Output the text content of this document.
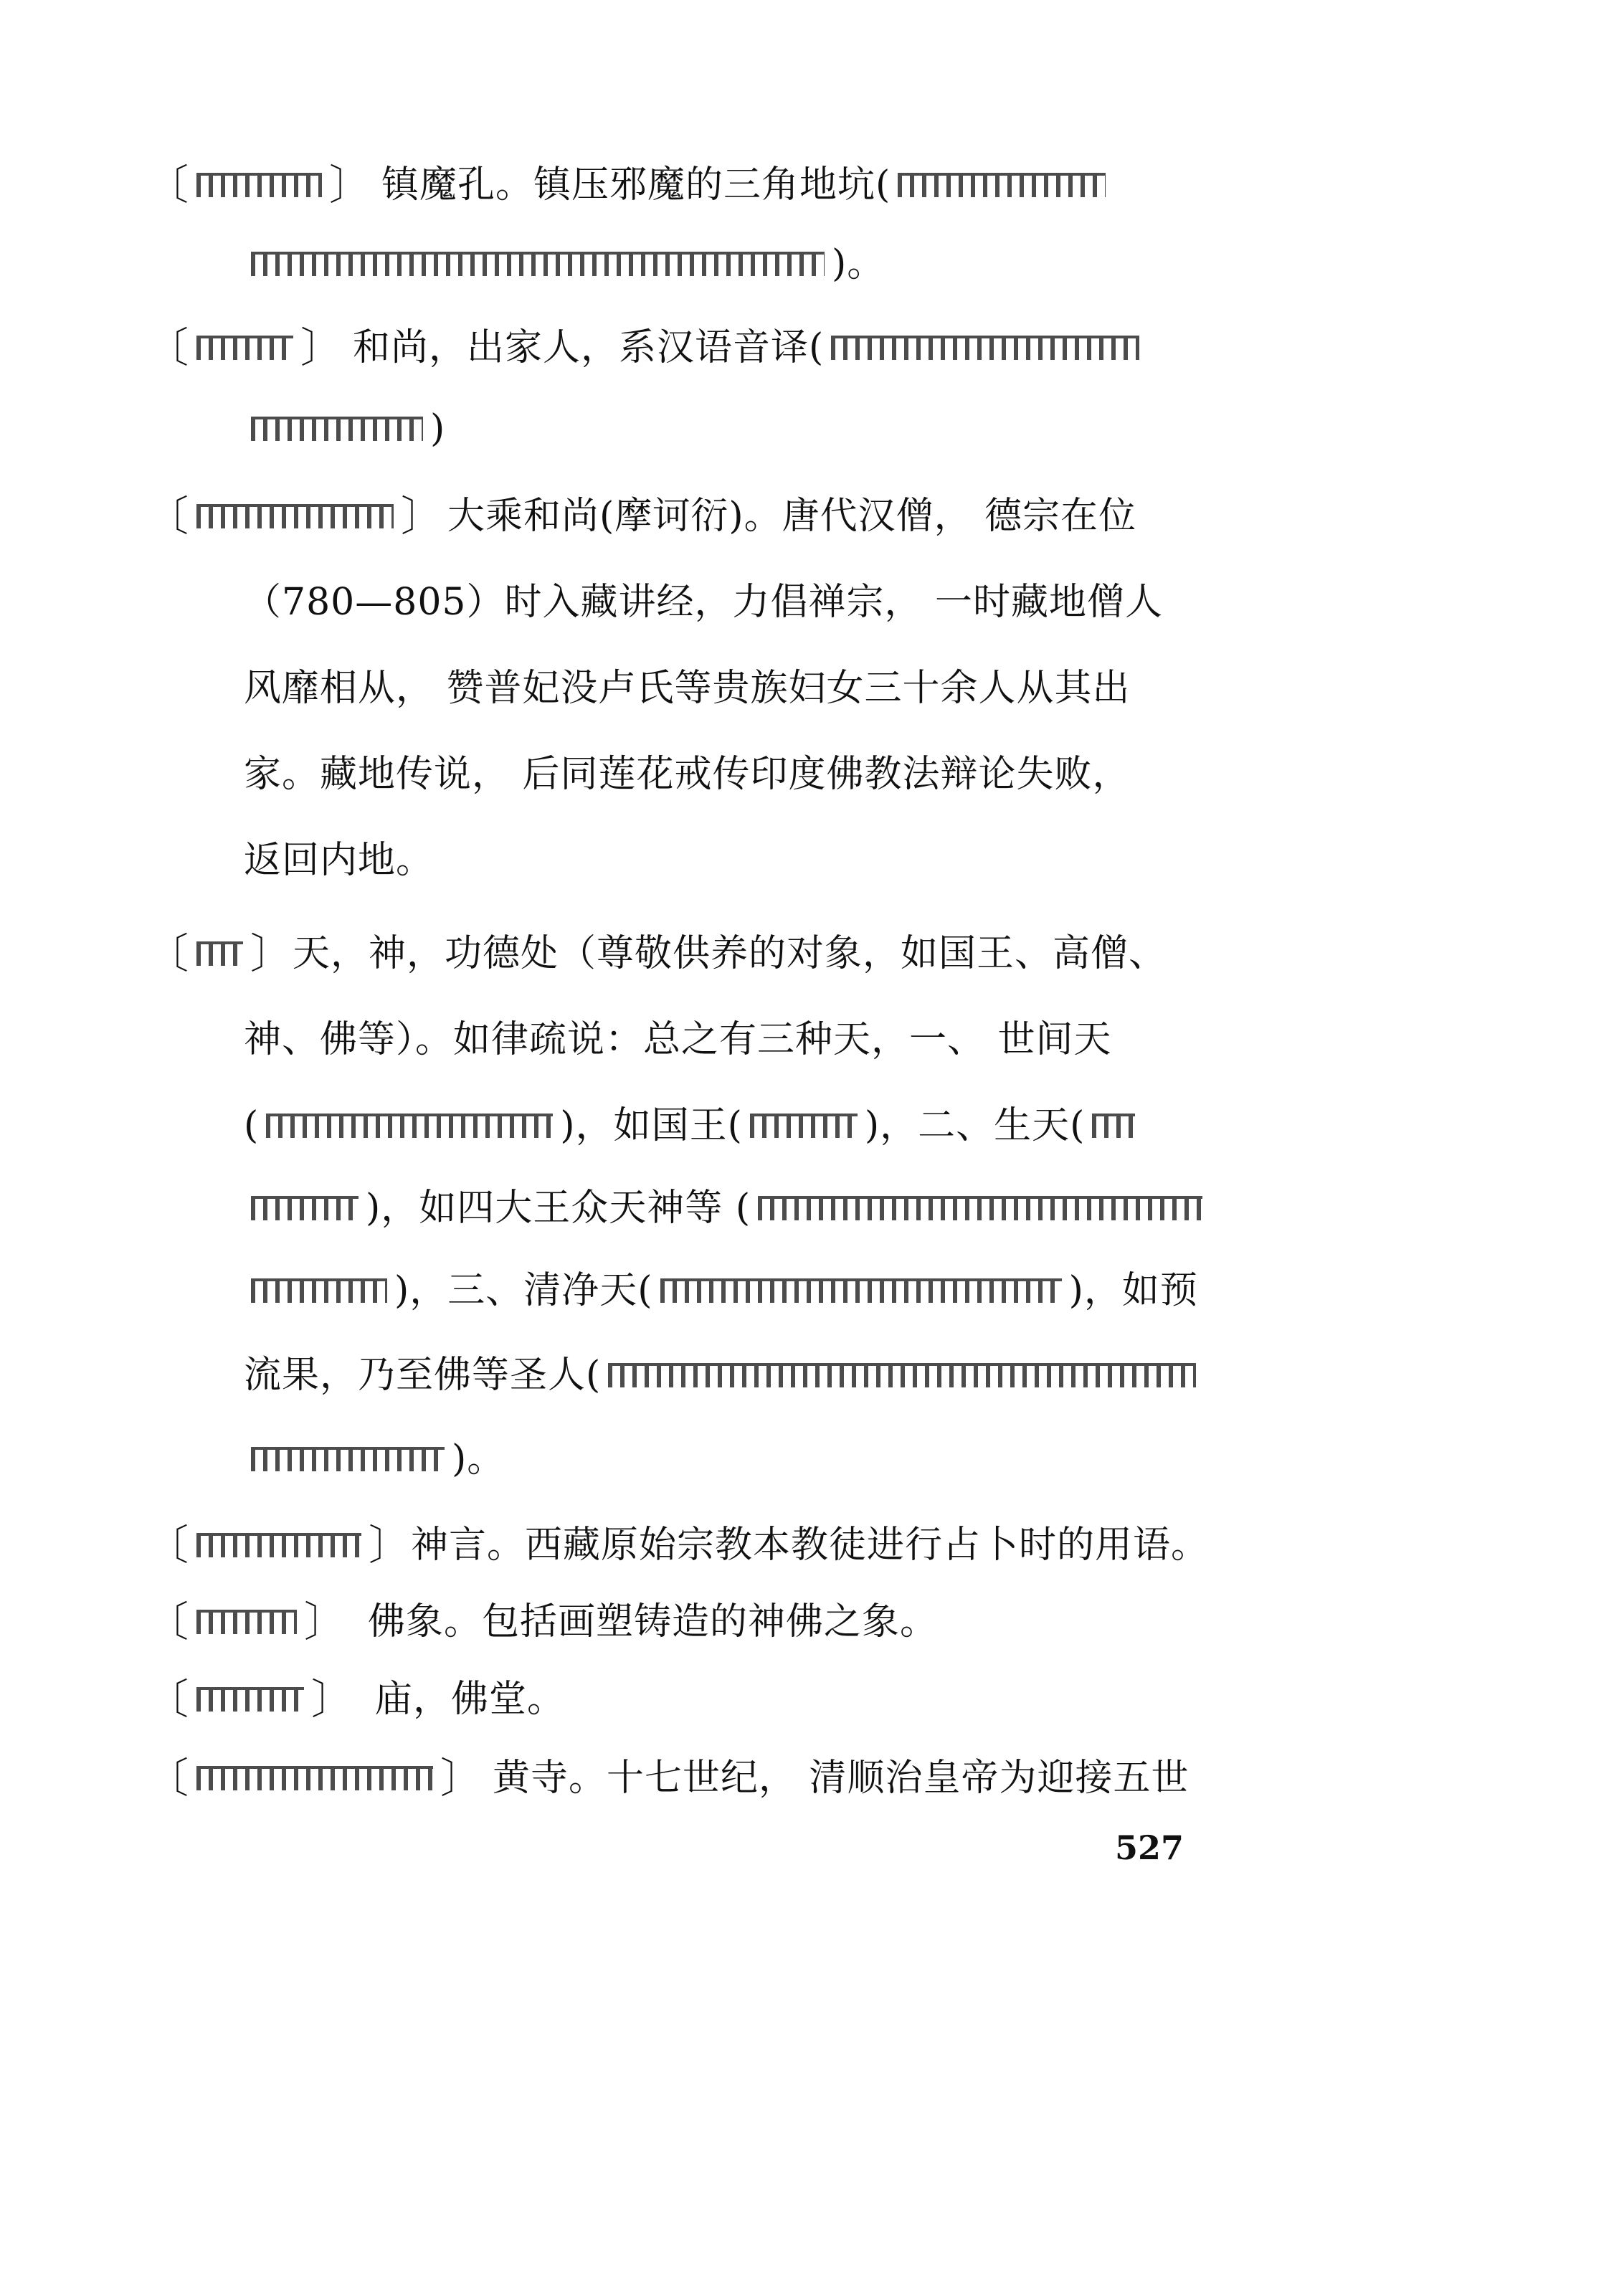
〔	〕 镇魔孔。镇压邪魔的三角地坑(
)。
〔	〕 和尚，出家人，系汉语音译(
)
〔	〕 大乘和尚(摩诃衍)。唐代汉僧， 德宗在位
（780—805）时入藏讲经，力倡禅宗， 一时藏地僧人
风靡相从， 赞普妃没卢氏等贵族妇女三十余人从其出
家。藏地传说， 后同莲花戒传印度佛教法辩论失败，
返回内地。
〔 〕 天，神，功德处（尊敬供养的对象，如国王、高僧、
神、佛等）。如律疏说：总之有三种天，一、 世间天
(	)，如国王(	)，二、生天(
)，如四大王众天神等 (
)，三、清净天(	)，如预
流果，乃至佛等圣人(
)。
〔	〕 神言。西藏原始宗教本教徒进行占卜时的用语。
〔	〕 佛象。包括画塑铸造的神佛之象。
〔	〕 庙，佛堂。
〔	〕 黄寺。十七世纪， 清顺治皇帝为迎接五世
527
